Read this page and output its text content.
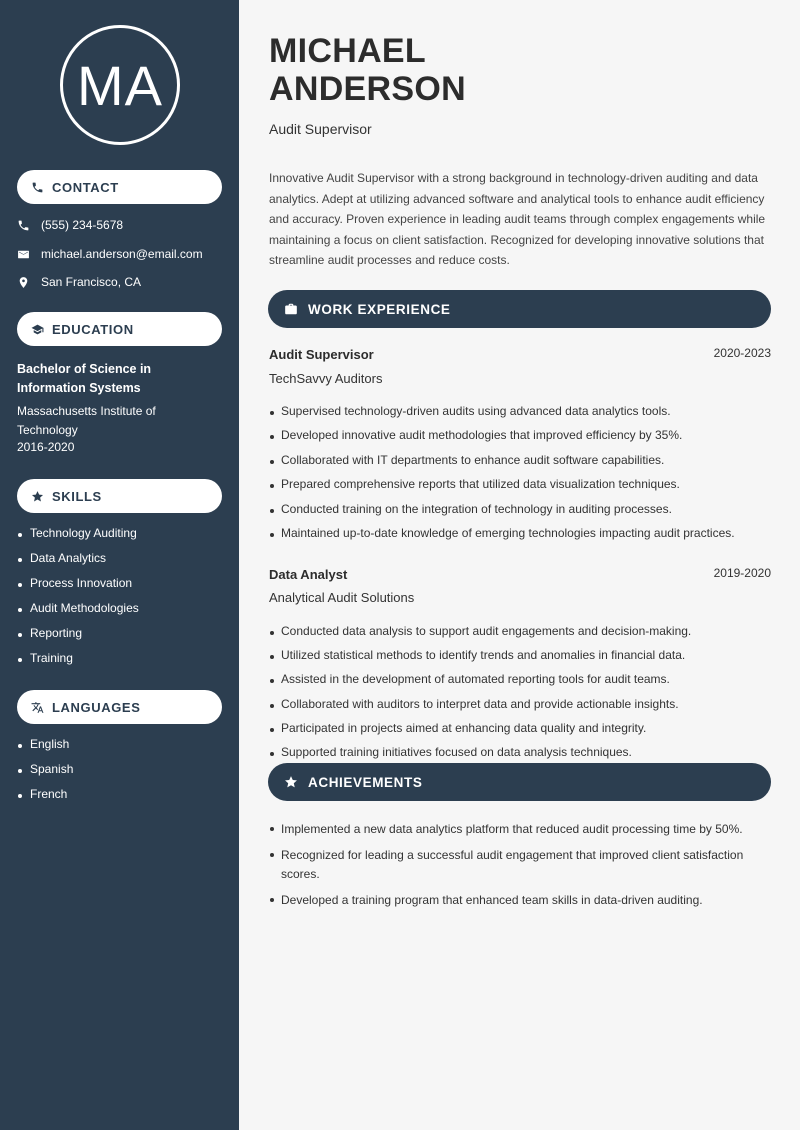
MA
CONTACT
(555) 234-5678
michael.anderson@email.com
San Francisco, CA
EDUCATION
Bachelor of Science in Information Systems
Massachusetts Institute of Technology
2016-2020
SKILLS
Technology Auditing
Data Analytics
Process Innovation
Audit Methodologies
Reporting
Training
LANGUAGES
English
Spanish
French
MICHAEL
ANDERSON
Audit Supervisor

Innovative Audit Supervisor with a strong background in technology-driven auditing and data analytics. Adept at utilizing advanced software and analytical tools to enhance audit efficiency and accuracy. Proven experience in leading audit teams through complex engagements while maintaining a focus on client satisfaction. Recognized for developing innovative solutions that streamline audit processes and reduce costs.

WORK EXPERIENCE
Audit Supervisor	2020-2023
TechSavvy Auditors
Supervised technology-driven audits using advanced data analytics tools.
Developed innovative audit methodologies that improved efficiency by 35%.
Collaborated with IT departments to enhance audit software capabilities.
Prepared comprehensive reports that utilized data visualization techniques.
Conducted training on the integration of technology in auditing processes.
Maintained up-to-date knowledge of emerging technologies impacting audit practices.
Data Analyst	2019-2020
Analytical Audit Solutions
Conducted data analysis to support audit engagements and decision-making.
Utilized statistical methods to identify trends and anomalies in financial data.
Assisted in the development of automated reporting tools for audit teams.
Collaborated with auditors to interpret data and provide actionable insights.
Participated in projects aimed at enhancing data quality and integrity.
Supported training initiatives focused on data analysis techniques.
ACHIEVEMENTS
Implemented a new data analytics platform that reduced audit processing time by 50%.
Recognized for leading a successful audit engagement that improved client satisfaction scores.
Developed a training program that enhanced team skills in data-driven auditing.
